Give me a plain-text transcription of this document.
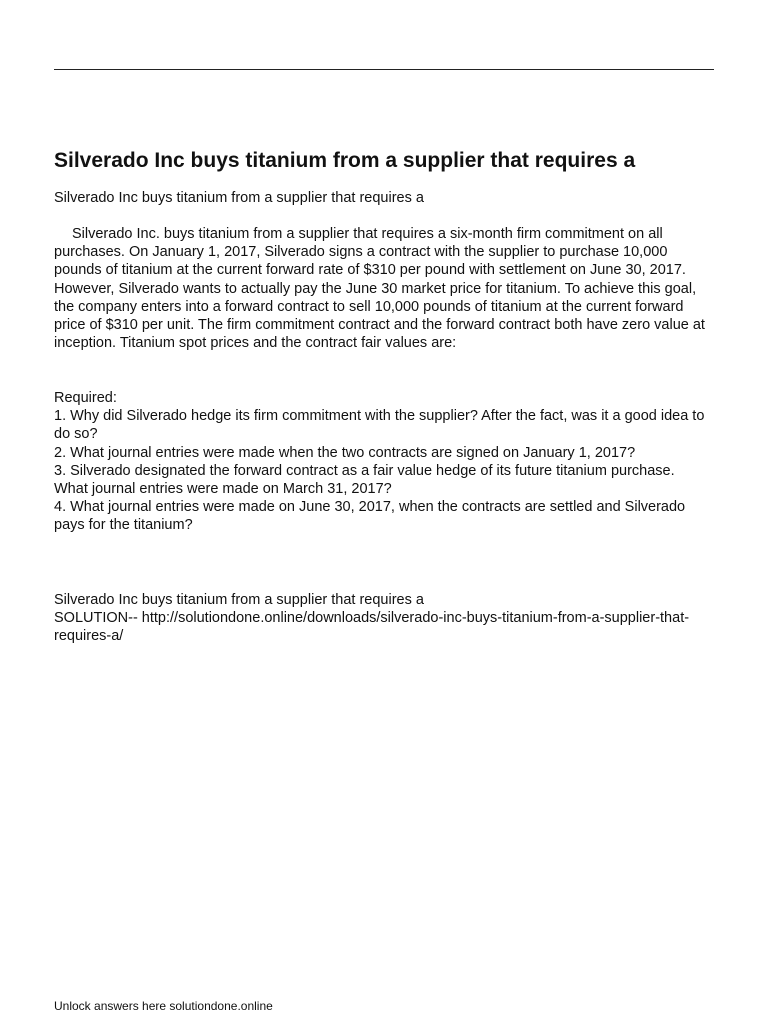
Silverado Inc buys titanium from a supplier that requires a

Silverado Inc buys titanium from a supplier that requires a

Silverado Inc. buys titanium from a supplier that requires a six-month firm commitment on all purchases. On January 1, 2017, Silverado signs a contract with the supplier to purchase 10,000 pounds of titanium at the current forward rate of $310 per pound with settlement on June 30, 2017. However, Silverado wants to actually pay the June 30 market price for titanium. To achieve this goal, the company enters into a forward contract to sell 10,000 pounds of titanium at the current forward price of $310 per unit. The firm commitment contract and the forward contract both have zero value at inception. Titanium spot prices and the contract fair values are:

Required:
1. Why did Silverado hedge its firm commitment with the supplier? After the fact, was it a good idea to do so?
2. What journal entries were made when the two contracts are signed on January 1, 2017?
3. Silverado designated the forward contract as a fair value hedge of its future titanium purchase.
What journal entries were made on March 31, 2017?
4. What journal entries were made on June 30, 2017, when the contracts are settled and Silverado pays for the titanium?
Silverado Inc buys titanium from a supplier that requires a
SOLUTION-- http://solutiondone.online/downloads/silverado-inc-buys-titanium-from-a-supplier-that-requires-a/

Unlock answers here solutiondone.online
